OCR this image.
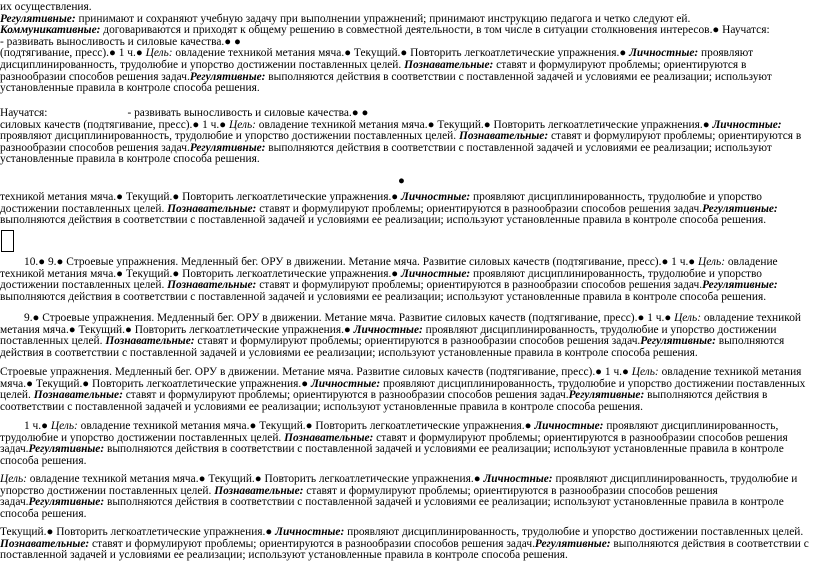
их осуществления.
Регулятивные: принимают и сохраняют учебную задачу при выполнении упражнений; принимают инструкцию педагога и четко следуют ей.
Коммуникативные: договариваются и приходят к общему решению в совместной деятельности, в том числе в ситуации столкновения интересов.● Научатся:
- развивать выносливость и силовые качества.● ●
(подтягивание, пресс).● 1 ч.● Цель: овладение техникой метания мяча.● Текущий.● Повторить легкоатлетические упражнения.● Личностные: проявляют дисциплинированность, трудолюбие и упорство достижении поставленных целей. Познавательные: ставят и формулируют проблемы; ориентируются в разнообразии способов решения задач.Регулятивные: выполняются действия в соответствии с поставленной задачей и условиями ее реализации; используют установленные правила в контроле способа решения.

Научатся:	- развивать выносливость и силовые качества.● ●
силовых качеств (подтягивание, пресс).● 1 ч.● Цель: овладение техникой метания мяча.● Текущий.● Повторить легкоатлетические упражнения.● Личностные: проявляют дисциплинированность, трудолюбие и упорство достижении поставленных целей. Познавательные: ставят и формулируют проблемы; ориентируются в разнообразии способов решения задач.Регулятивные: выполняются действия в соответствии с поставленной задачей и условиями ее реализации; используют установленные правила в контроле способа решения.

●

техникой метания мяча.● Текущий.● Повторить легкоатлетические упражнения.● Личностные: проявляют дисциплинированность, трудолюбие и упорство достижении поставленных целей. Познавательные: ставят и формулируют проблемы; ориентируются в разнообразии способов решения задач.Регулятивные:
выполняются действия в соответствии с поставленной задачей и условиями ее реализации; используют установленные правила в контроле способа решения.

10.● 9.● Строевые упражнения. Медленный бег. ОРУ в движении. Метание мяча. Развитие силовых качеств (подтягивание, пресс).● 1 ч.● Цель: овладение техникой метания мяча.● Текущий.● Повторить легкоатлетические упражнения.● Личностные: проявляют дисциплинированность, трудолюбие и упорство достижении поставленных целей. Познавательные: ставят и формулируют проблемы; ориентируются в разнообразии способов решения задач.Регулятивные: выполняются действия в соответствии с поставленной задачей и условиями ее реализации; используют установленные правила в контроле способа решения.

9.● Строевые упражнения. Медленный бег. ОРУ в движении. Метание мяча. Развитие силовых качеств (подтягивание, пресс).● 1 ч.● Цель: овладение техникой метания мяча.● Текущий.● Повторить легкоатлетические упражнения.● Личностные: проявляют дисциплинированность, трудолюбие и упорство достижении поставленных целей. Познавательные: ставят и формулируют проблемы; ориентируются в разнообразии способов решения задач.Регулятивные: выполняются действия в соответствии с поставленной задачей и условиями ее реализации; используют установленные правила в контроле способа решения.

Строевые упражнения. Медленный бег. ОРУ в движении. Метание мяча. Развитие силовых качеств (подтягивание, пресс).● 1 ч.● Цель: овладение техникой метания мяча.● Текущий.● Повторить легкоатлетические упражнения.● Личностные: проявляют дисциплинированность, трудолюбие и упорство достижении поставленных целей. Познавательные: ставят и формулируют проблемы; ориентируются в разнообразии способов решения задач.Регулятивные: выполняются действия в соответствии с поставленной задачей и условиями ее реализации; используют установленные правила в контроле способа решения.

1 ч.● Цель: овладение техникой метания мяча.● Текущий.● Повторить легкоатлетические упражнения.● Личностные: проявляют дисциплинированность, трудолюбие и упорство достижении поставленных целей. Познавательные: ставят и формулируют проблемы; ориентируются в разнообразии способов решения задач.Регулятивные: выполняются действия в соответствии с поставленной задачей и условиями ее реализации; используют установленные правила в контроле способа решения.

Цель: овладение техникой метания мяча.● Текущий.● Повторить легкоатлетические упражнения.● Личностные: проявляют дисциплинированность, трудолюбие и упорство достижении поставленных целей. Познавательные: ставят и формулируют проблемы; ориентируются в разнообразии способов решения задач.Регулятивные: выполняются действия в соответствии с поставленной задачей и условиями ее реализации; используют установленные правила в контроле способа решения.

Текущий.● Повторить легкоатлетические упражнения.● Личностные: проявляют дисциплинированность, трудолюбие и упорство достижении поставленных целей. Познавательные: ставят и формулируют проблемы; ориентируются в разнообразии способов решения задач.Регулятивные: выполняются действия в соответствии с поставленной задачей и условиями ее реализации; используют установленные правила в контроле способа решения.
